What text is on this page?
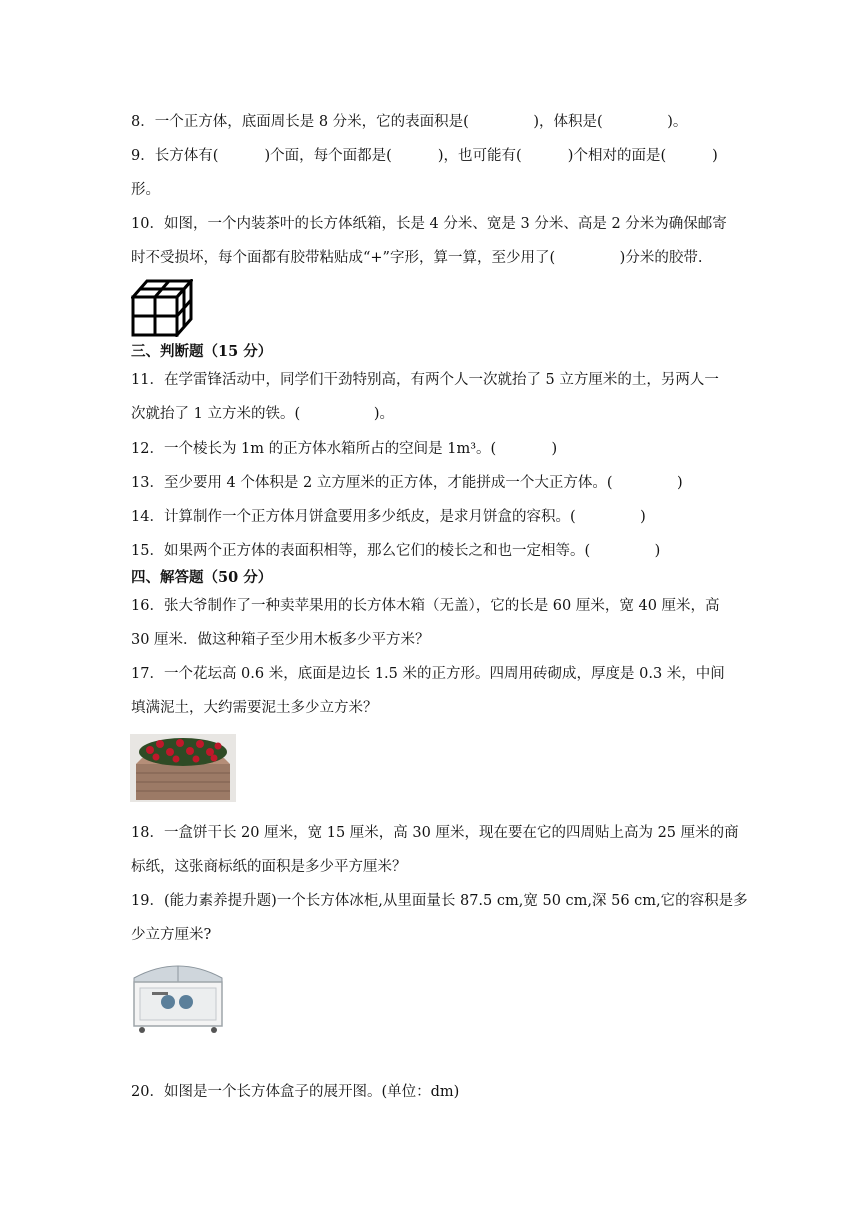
8．一个正方体，底面周长是 8 分米，它的表面积是(              )，体积是(              )。
9．长方体有(          )个面，每个面都是(          )，也可能有(          )个相对的面是(          )
形。
10．如图，一个内装茶叶的长方体纸箱，长是 4 分米、宽是 3 分米、高是 2 分米为确保邮寄
时不受损坏，每个面都有胶带粘贴成“+”字形，算一算，至少用了(              )分米的胶带.
三、判断题（15 分）
11．在学雷锋活动中，同学们干劲特别高，有两个人一次就抬了 5 立方厘米的土，另两人一
次就抬了 1 立方米的铁。(                )。
12．一个棱长为 1m 的正方体水箱所占的空间是 1m³。(            )
13．至少要用 4 个体积是 2 立方厘米的正方体，才能拼成一个大正方体。(              )
14．计算制作一个正方体月饼盒要用多少纸皮，是求月饼盒的容积。(              )
15．如果两个正方体的表面积相等，那么它们的棱长之和也一定相等。(              )
四、解答题（50 分）
16．张大爷制作了一种卖苹果用的长方体木箱（无盖），它的长是 60 厘米，宽 40 厘米，高
30 厘米．做这种箱子至少用木板多少平方米？
17．一个花坛高 0.6 米，底面是边长 1.5 米的正方形。四周用砖砌成，厚度是 0.3 米，中间
填满泥土，大约需要泥土多少立方米？
18．一盒饼干长 20 厘米，宽 15 厘米，高 30 厘米，现在要在它的四周贴上高为 25 厘米的商
标纸，这张商标纸的面积是多少平方厘米？
19．(能力素养提升题)一个长方体冰柜,从里面量长 87.5 cm,宽 50 cm,深 56 cm,它的容积是多
少立方厘米?
20．如图是一个长方体盒子的展开图。(单位：dm)
